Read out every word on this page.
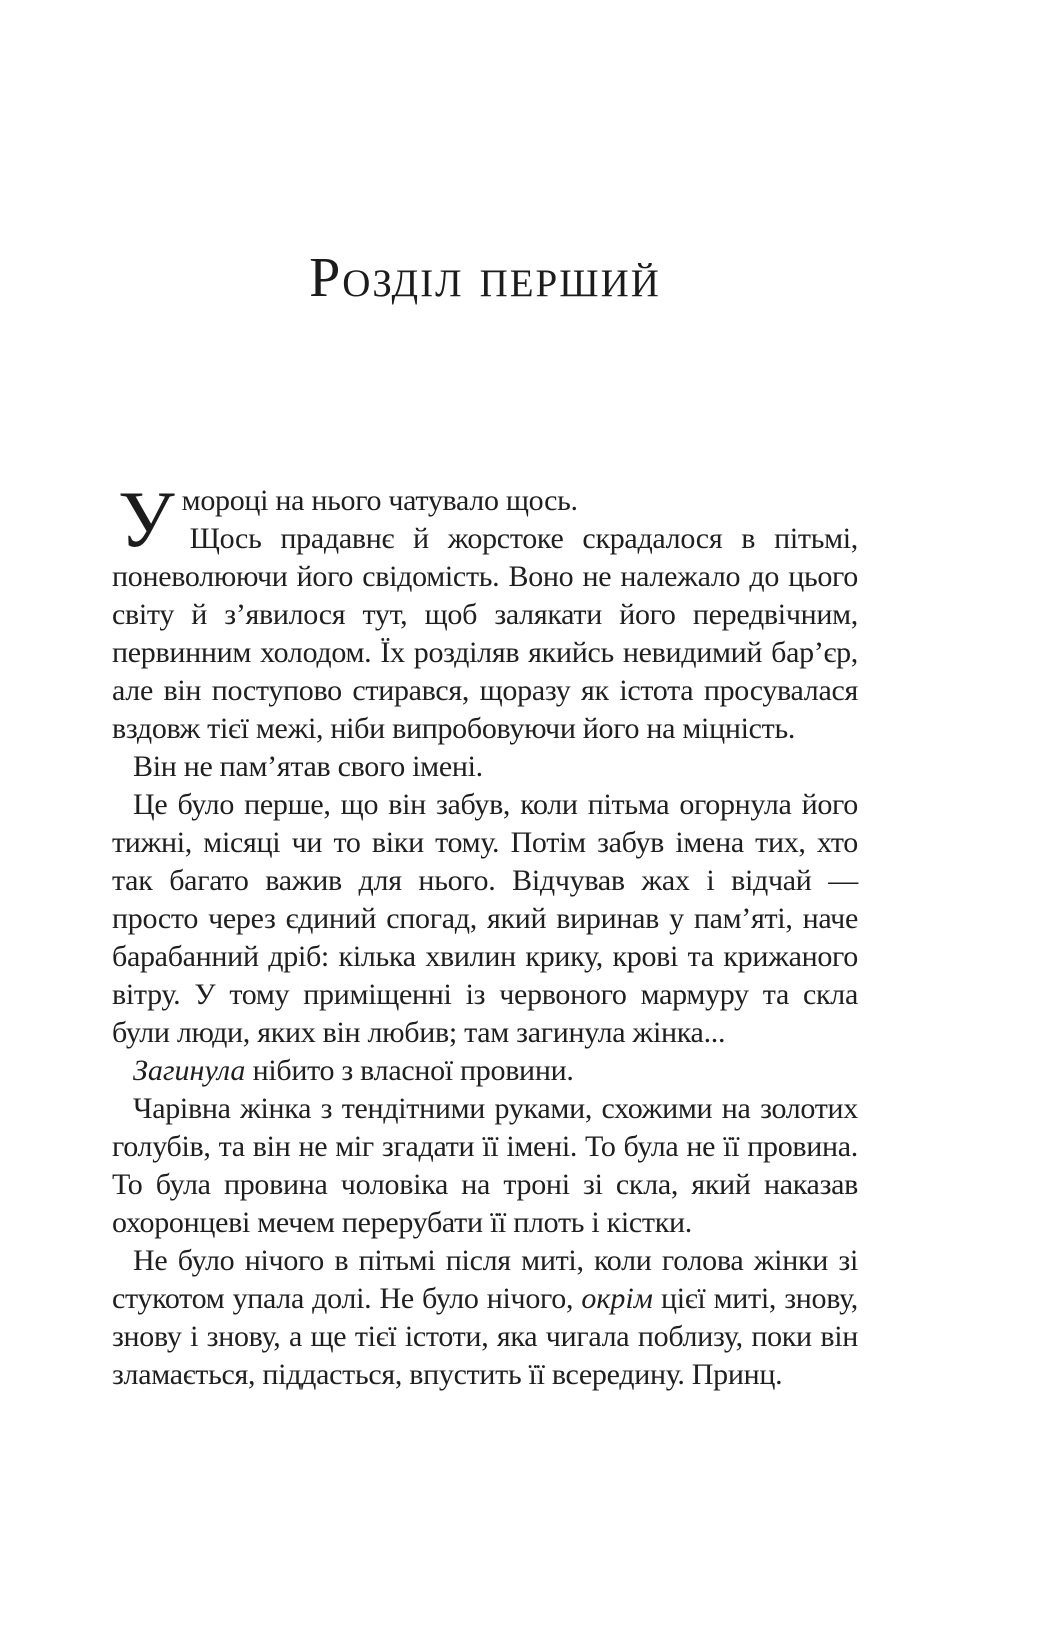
Розділ перший
У мороці на нього чатувало щось.

Щось прадавнє й жорстоке скрадалося в пітьмі, поневолюючи його свідомість. Воно не належало до цього світу й з’явилося тут, щоб залякати його передвічним, первинним холодом. Їх розділяв якийсь невидимий бар’єр, але він поступово стирався, щоразу як істота просувалася вздовж тієї межі, ніби випробовуючи його на міцність.

Він не пам’ятав свого імені.

Це було перше, що він забув, коли пітьма огорнула його тижні, місяці чи то віки тому. Потім забув імена тих, хто так багато важив для нього. Відчував жах і відчай — просто через єдиний спогад, який виринав у пам’яті, наче барабанний дріб: кілька хвилин крику, крові та крижаного вітру. У тому приміщенні із червоного мармуру та скла були люди, яких він любив; там загинула жінка...

Загинула нібито з власної провини.

Чарівна жінка з тендітними руками, схожими на золотих голубів, та він не міг згадати її імені. То була не її провина. То була провина чоловіка на троні зі скла, який наказав охоронцеві мечем перерубати її плоть і кістки.

Не було нічого в пітьмі після миті, коли голова жінки зі стукотом упала долі. Не було нічого, окрім цієї миті, знову, знову і знову, а ще тієї істоти, яка чигала поблизу, поки він зламається, піддасться, впустить її всередину. Принц.
